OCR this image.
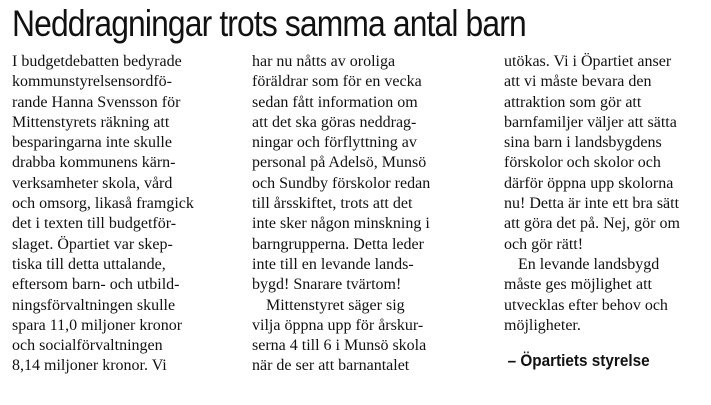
Neddragningar trots samma antal barn
I budgetdebatten bedyrade
kommunstyrelsensordfö-
rande Hanna Svensson för
Mittenstyrets räkning att
besparingarna inte skulle
drabba kommunens kärn-
verksamheter skola, vård
och omsorg, likaså framgick
det i texten till budgetför-
slaget. Öpartiet var skep-
tiska till detta uttalande,
eftersom barn- och utbild-
ningsförvaltningen skulle
spara 11,0 miljoner kronor
och socialförvaltningen
8,14 miljoner kronor. Vi
har nu nåtts av oroliga
föräldrar som för en vecka
sedan fått information om
att det ska göras neddrag-
ningar och förflyttning av
personal på Adelsö, Munsö
och Sundby förskolor redan
till årsskiftet, trots att det
inte sker någon minskning i
barngrupperna. Detta leder
inte till en levande lands-
bygd! Snarare tvärtom!
Mittenstyret säger sig
vilja öppna upp för årskur-
serna 4 till 6 i Munsö skola
när de ser att barnantalet
utökas. Vi i Öpartiet anser
att vi måste bevara den
attraktion som gör att
barnfamiljer väljer att sätta
sina barn i landsbygdens
förskolor och skolor och
därför öppna upp skolorna
nu! Detta är inte ett bra sätt
att göra det på. Nej, gör om
och gör rätt!
En levande landsbygd
måste ges möjlighet att
utvecklas efter behov och
möjligheter.
– Öpartiets styrelse
